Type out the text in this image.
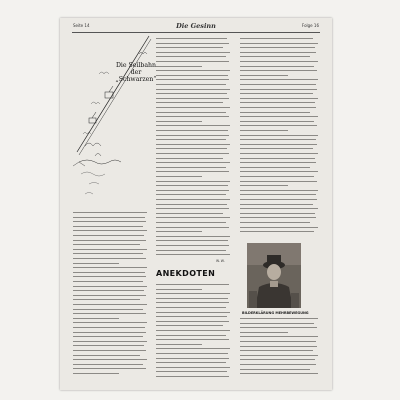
Seite 14	Die Gesinn	Folge 16
Die Seilbahn
der
„Schwarzen“
W. W.
ANEKDOTEN
BILDERKLÄRUNG MEHRBEWEGUNG
